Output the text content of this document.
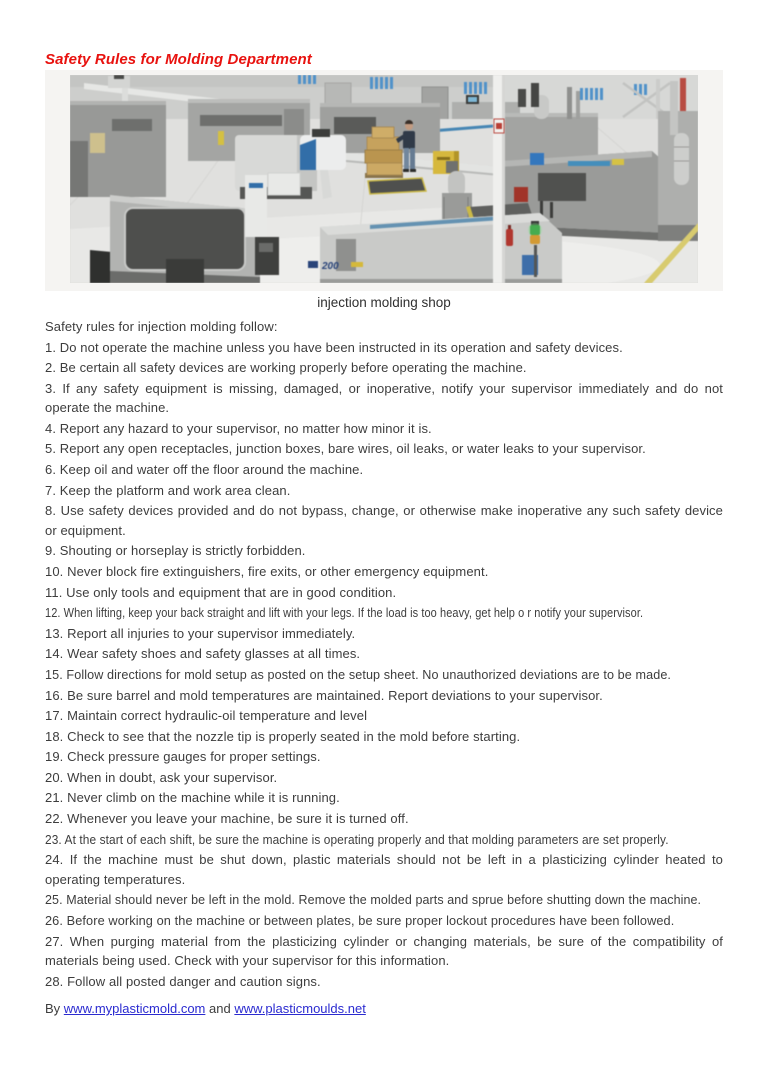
Safety Rules for Molding Department
200
injection molding shop

Safety rules for injection molding follow:

1. Do not operate the machine unless you have been instructed in its operation and safety devices.

2. Be certain all safety devices are working properly before operating the machine.

3. If any safety equipment is missing, damaged, or inoperative, notify your supervisor immediately and do not operate the machine.

4. Report any hazard to your supervisor, no matter how minor it is.

5. Report any open receptacles, junction boxes, bare wires, oil leaks, or water leaks to your supervisor.

6. Keep oil and water off the floor around the machine.

7. Keep the platform and work area clean.

8. Use safety devices provided and do not bypass, change, or otherwise make inoperative any such safety device or equipment.

9. Shouting or horseplay is strictly forbidden.

10. Never block fire extinguishers, fire exits, or other emergency equipment.

11. Use only tools and equipment that are in good condition.

12. When lifting, keep your back straight and lift with your legs. If the load is too heavy, get help o r notify your supervisor.

13. Report all injuries to your supervisor immediately.

14. Wear safety shoes and safety glasses at all times.

15. Follow directions for mold setup as posted on the setup sheet. No unauthorized deviations are to be made.

16. Be sure barrel and mold temperatures are maintained. Report deviations to your supervisor.

17. Maintain correct hydraulic-oil temperature and level

18. Check to see that the nozzle tip is properly seated in the mold before starting.

19. Check pressure gauges for proper settings.

20. When in doubt, ask your supervisor.

21. Never climb on the machine while it is running.

22. Whenever you leave your machine, be sure it is turned off.

23. At the start of each shift, be sure the machine is operating properly and that molding parameters are set properly.

24. If the machine must be shut down, plastic materials should not be left in a plasticizing cylinder heated to operating temperatures.

25. Material should never be left in the mold. Remove the molded parts and sprue before shutting down the machine.

26. Before working on the machine or between plates, be sure proper lockout procedures have been followed.

27. When purging material from the plasticizing cylinder or changing materials, be sure of the compatibility of materials being used. Check with your supervisor for this information.

28. Follow all posted danger and caution signs.

By www.myplasticmold.com and www.plasticmoulds.net
